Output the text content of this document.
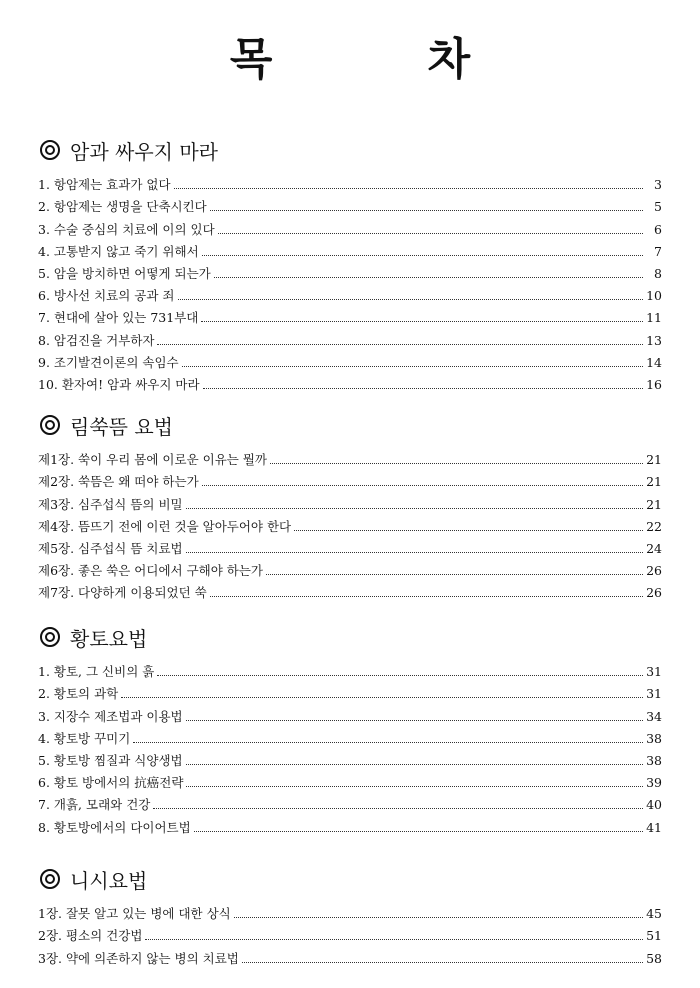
목 차
암과 싸우지 마라
1. 항암제는 효과가 없다	3
2. 항암제는 생명을 단축시킨다	5
3. 수술 중심의 치료에 이의 있다	6
4. 고통받지 않고 죽기 위해서	7
5. 암을 방치하면 어떻게 되는가	8
6. 방사선 치료의 공과 죄	10
7. 현대에 살아 있는 731부대	11
8. 암검진을 거부하자	13
9. 조기발견이론의 속임수	14
10. 환자여! 암과 싸우지 마라	16
림쑥뜸 요법
제1장. 쑥이 우리 몸에 이로운 이유는 뭘까	21
제2장. 쑥뜸은 왜 떠야 하는가	21
제3장. 심주섭식 뜸의 비밀	21
제4장. 뜸뜨기 전에 이런 것을 알아두어야 한다	22
제5장. 심주섭식 뜸 치료법	24
제6장. 좋은 쑥은 어디에서 구해야 하는가	26
제7장. 다양하게 이용되었던 쑥	26
황토요법
1. 황토, 그 신비의 흙	31
2. 황토의 과학	31
3. 지장수 제조법과 이용법	34
4. 황토방 꾸미기	38
5. 황토방 찜질과 식양생법	38
6. 황토 방에서의 抗癌전략	39
7. 개흙, 모래와 건강	40
8. 황토방에서의 다이어트법	41
니시요법
1장. 잘못 알고 있는 병에 대한 상식	45
2장. 평소의 건강법	51
3장. 약에 의존하지 않는 병의 치료법	58
